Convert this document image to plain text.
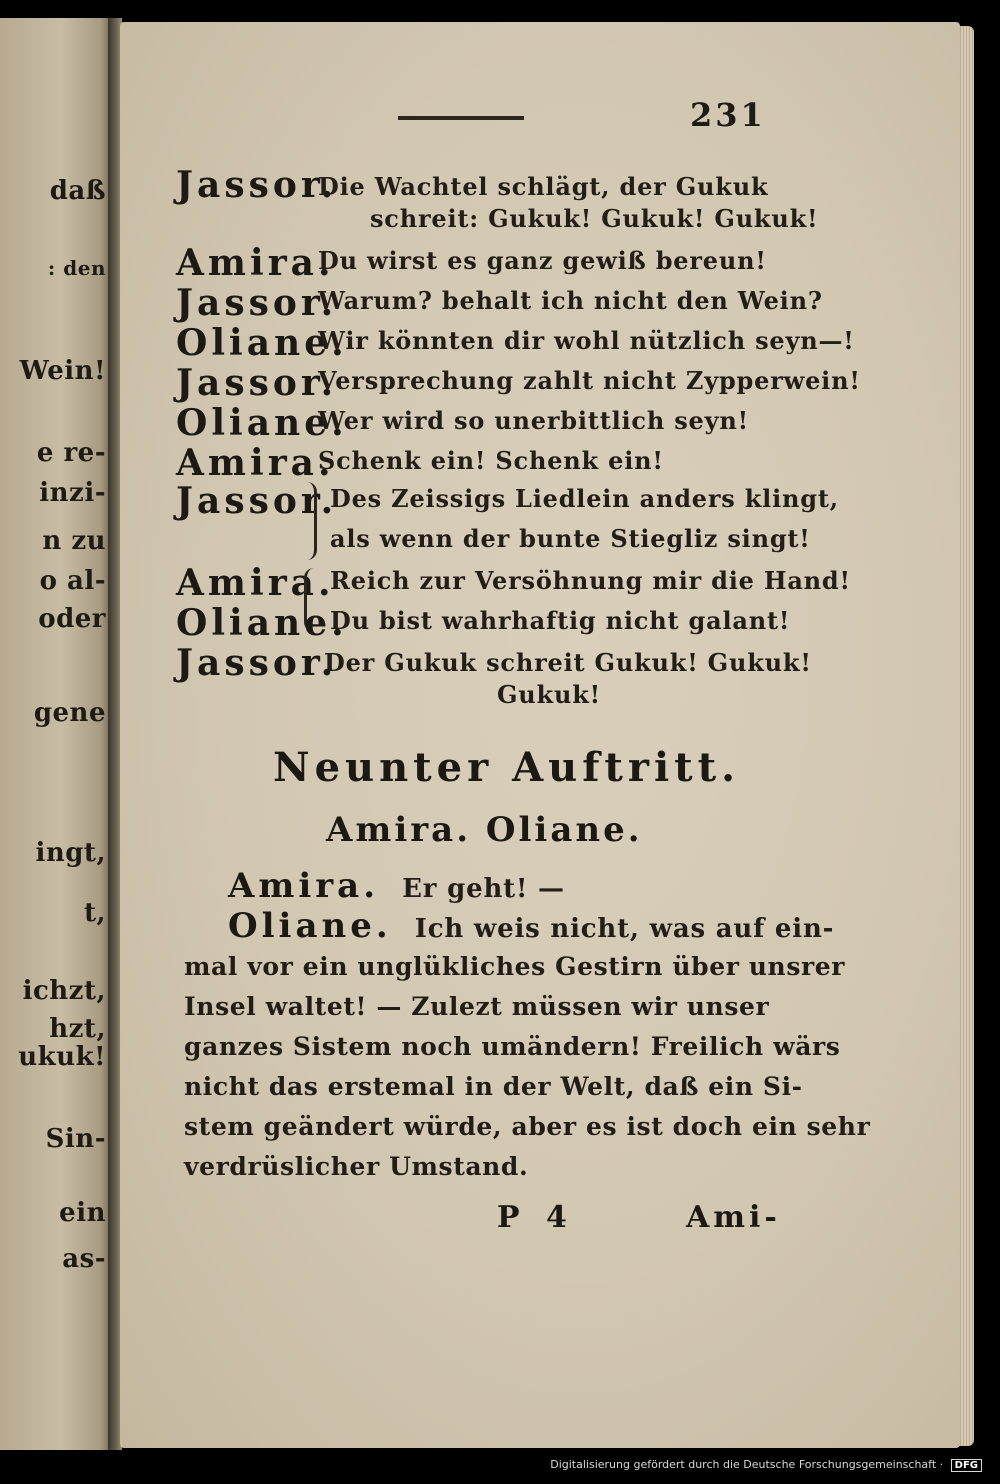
daß
: den
Wein!
e re-
inzi-
n zu
o al-
oder
gene
ingt,
t,
ichzt,
hzt,
ukuk!
Sin-
ein
as-
231
Jassor.
Die Wachtel schlägt, der Gukuk
schreit: Gukuk! Gukuk! Gukuk!
Amira.
Du wirst es ganz gewiß bereun!
Jassor.
Warum? behalt ich nicht den Wein?
Oliane.
Wir könnten dir wohl nützlich seyn—!
Jassor.
Versprechung zahlt nicht Zypperwein!
Oliane.
Wer wird so unerbittlich seyn!
Amira.
Schenk ein! Schenk ein!
Jassor.
Des Zeissigs Liedlein anders klingt,
als wenn der bunte Stiegliz singt!
Amira.
Reich zur Versöhnung mir die Hand!
Oliane.
Du bist wahrhaftig nicht galant!
Jassor.
Der Gukuk schreit Gukuk! Gukuk!
Gukuk!
Neunter Auftritt.
Amira. Oliane.
Amira. Er geht! —
Oliane. Ich weis nicht, was auf ein-
mal vor ein unglükliches Gestirn über unsrer
Insel waltet! — Zulezt müssen wir unser
ganzes Sistem noch umändern! Freilich wärs
nicht das erstemal in der Welt, daß ein Si-
stem geändert würde, aber es ist doch ein sehr
verdrüslicher Umstand.
P 4	Ami-
Digitalisierung gefördert durch die Deutsche Forschungsgemeinschaft · DFG
